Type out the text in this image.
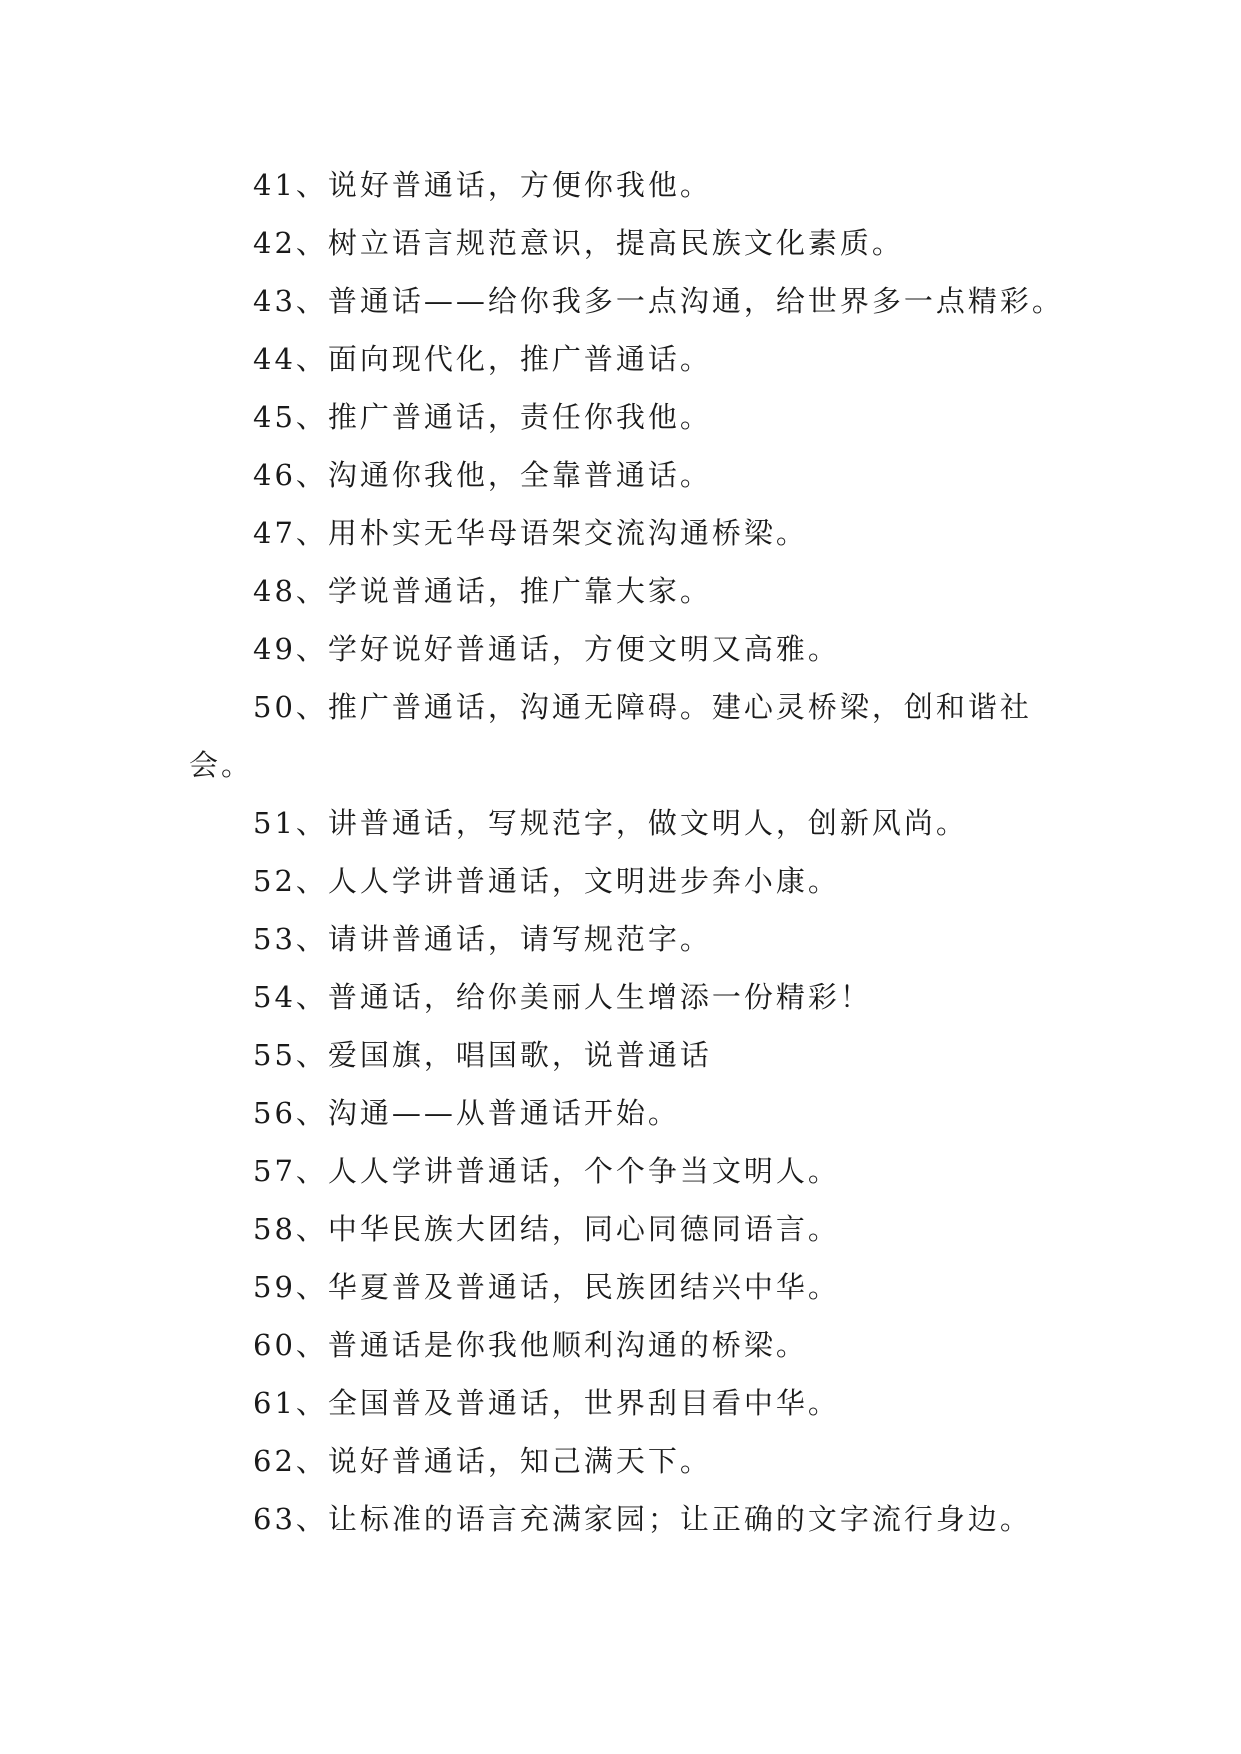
41、说好普通话，方便你我他。
42、树立语言规范意识，提高民族文化素质。
43、普通话——给你我多一点沟通，给世界多一点精彩。
44、面向现代化，推广普通话。
45、推广普通话，责任你我他。
46、沟通你我他，全靠普通话。
47、用朴实无华母语架交流沟通桥梁。
48、学说普通话，推广靠大家。
49、学好说好普通话，方便文明又高雅。
50、推广普通话，沟通无障碍。建心灵桥梁，创和谐社
会。
51、讲普通话，写规范字，做文明人，创新风尚。
52、人人学讲普通话，文明进步奔小康。
53、请讲普通话，请写规范字。
54、普通话，给你美丽人生增添一份精彩！
55、爱国旗，唱国歌，说普通话
56、沟通——从普通话开始。
57、人人学讲普通话，个个争当文明人。
58、中华民族大团结，同心同德同语言。
59、华夏普及普通话，民族团结兴中华。
60、普通话是你我他顺利沟通的桥梁。
61、全国普及普通话，世界刮目看中华。
62、说好普通话，知己满天下。
63、让标准的语言充满家园；让正确的文字流行身边。
